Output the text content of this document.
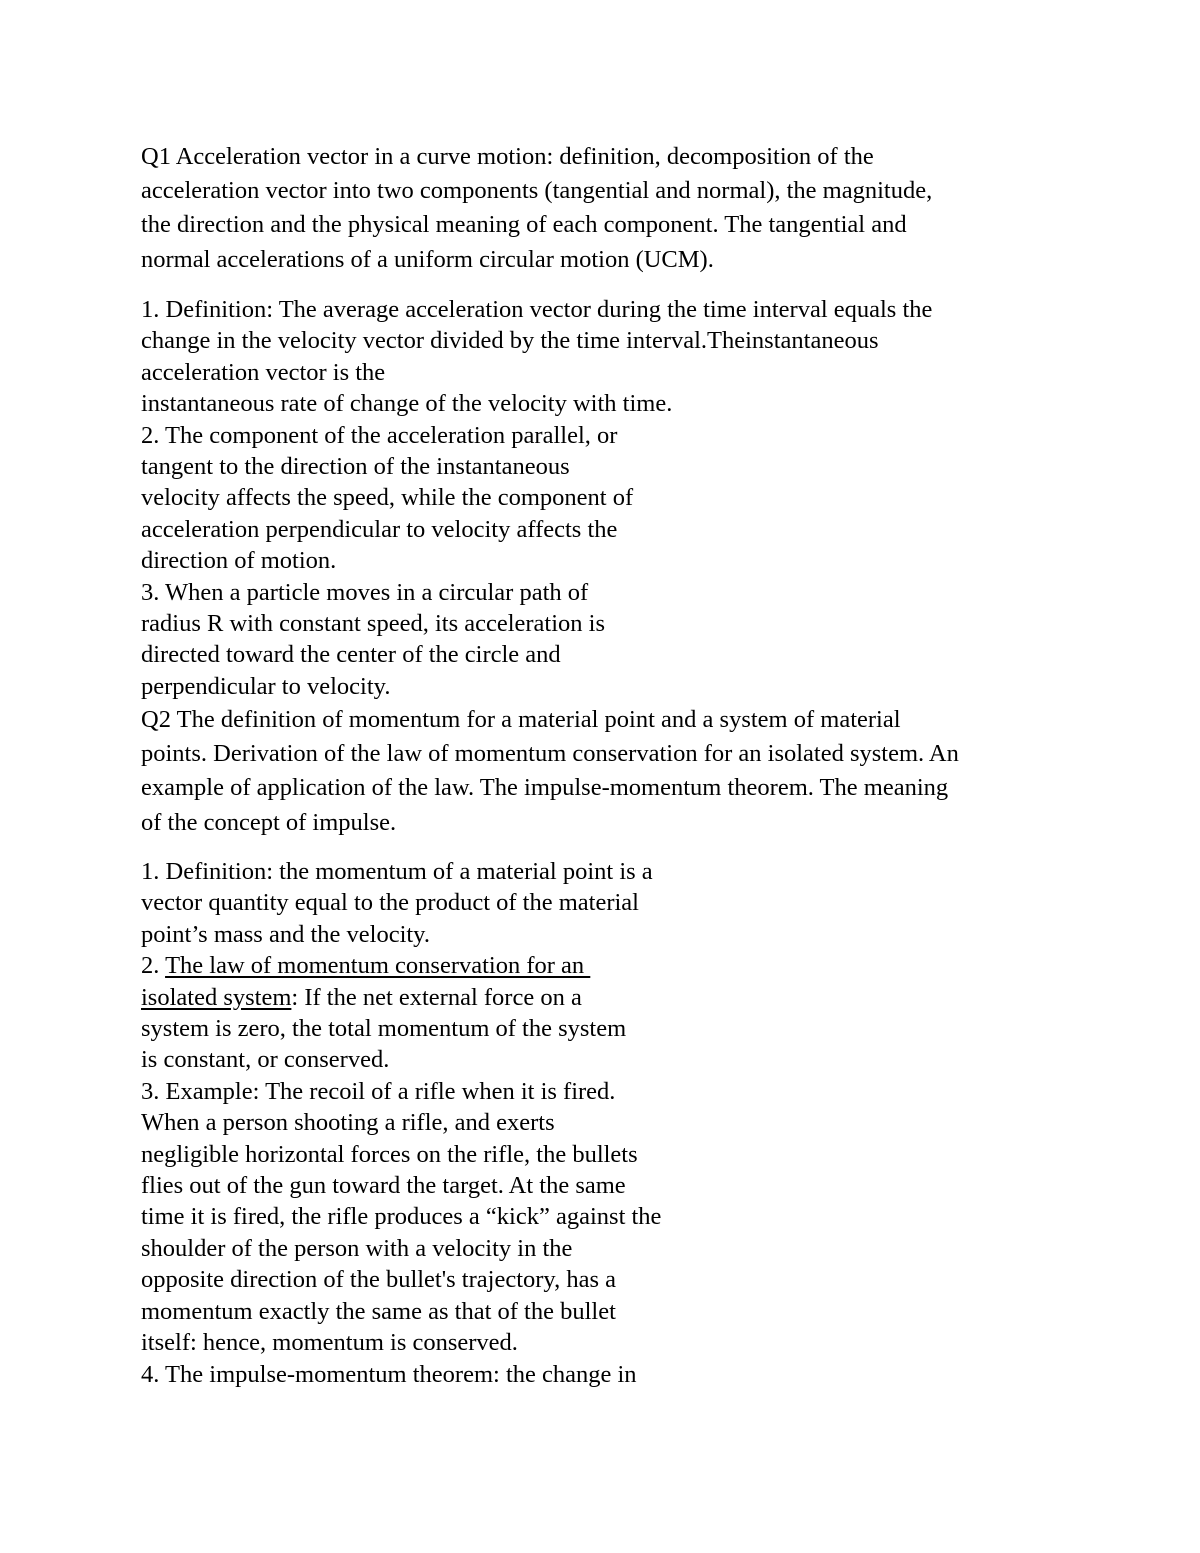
Q1 Acceleration vector in a curve motion: definition, decomposition of the
acceleration vector into two components (tangential and normal), the magnitude,
the direction and the physical meaning of each component. The tangential and
normal accelerations of a uniform circular motion (UCM).
1. Definition: The average acceleration vector during the time interval equals the
change in the velocity vector divided by the time interval.Theinstantaneous
acceleration vector is the
instantaneous rate of change of the velocity with time.
2. The component of the acceleration parallel, or
tangent to the direction of the instantaneous
velocity affects the speed, while the component of
acceleration perpendicular to velocity affects the
direction of motion.
3. When a particle moves in a circular path of
radius R with constant speed, its acceleration is
directed toward the center of the circle and
perpendicular to velocity.
Q2 The definition of momentum for a material point and a system of material
points. Derivation of the law of momentum conservation for an isolated system. An
example of application of the law. The impulse-momentum theorem. The meaning
of the concept of impulse.
1. Definition: the momentum of a material point is a
vector quantity equal to the product of the material
point’s mass and the velocity.
2. The law of momentum conservation for an
isolated system: If the net external force on a
system is zero, the total momentum of the system
is constant, or conserved.
3. Example: The recoil of a rifle when it is fired.
When a person shooting a rifle, and exerts
negligible horizontal forces on the rifle, the bullets
flies out of the gun toward the target. At the same
time it is fired, the rifle produces a “kick” against the
shoulder of the person with a velocity in the
opposite direction of the bullet's trajectory, has a
momentum exactly the same as that of the bullet
itself: hence, momentum is conserved.
4. The impulse-momentum theorem: the change in
